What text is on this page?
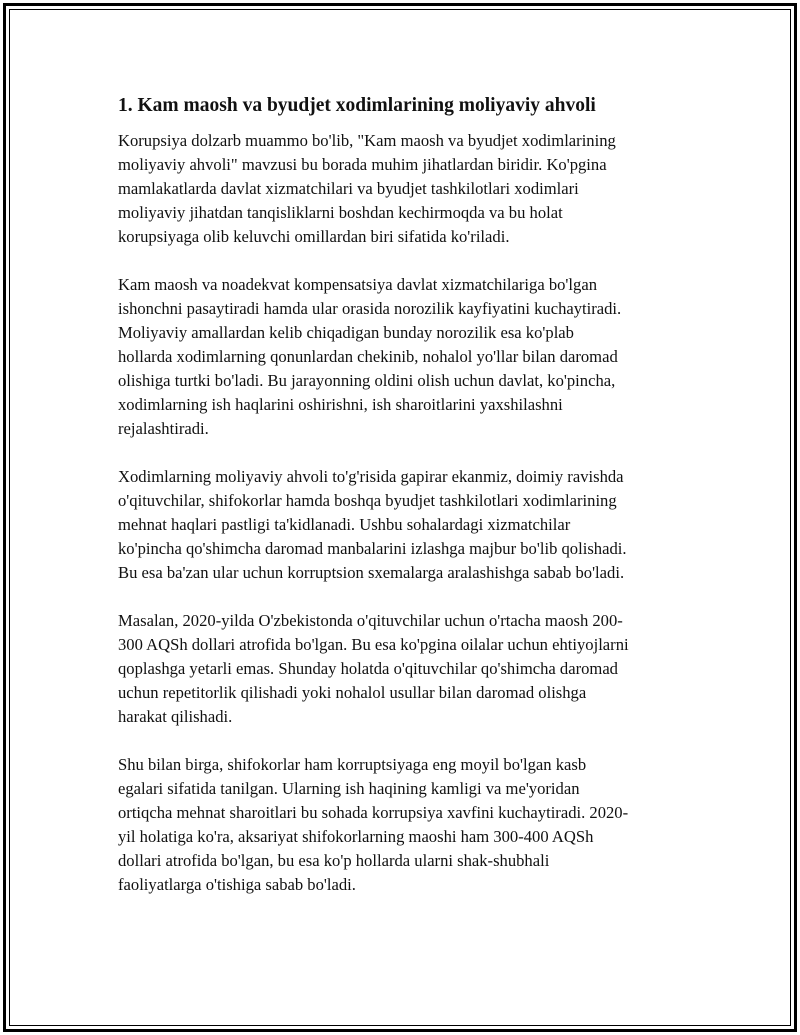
1. Kam maosh va byudjet xodimlarining moliyaviy ahvoli
Korupsiya dolzarb muammo bo'lib, "Kam maosh va byudjet xodimlarining
moliyaviy ahvoli" mavzusi bu borada muhim jihatlardan biridir. Ko'pgina
mamlakatlarda davlat xizmatchilari va byudjet tashkilotlari xodimlari
moliyaviy jihatdan tanqisliklarni boshdan kechirmoqda va bu holat
korupsiyaga olib keluvchi omillardan biri sifatida ko'riladi.
Kam maosh va noadekvat kompensatsiya davlat xizmatchilariga bo'lgan
ishonchni pasaytiradi hamda ular orasida norozilik kayfiyatini kuchaytiradi.
Moliyaviy amallardan kelib chiqadigan bunday norozilik esa ko'plab
hollarda xodimlarning qonunlardan chekinib, nohalol yo'llar bilan daromad
olishiga turtki bo'ladi. Bu jarayonning oldini olish uchun davlat, ko'pincha,
xodimlarning ish haqlarini oshirishni, ish sharoitlarini yaxshilashni
rejalashtiradi.
Xodimlarning moliyaviy ahvoli to'g'risida gapirar ekanmiz, doimiy ravishda
o'qituvchilar, shifokorlar hamda boshqa byudjet tashkilotlari xodimlarining
mehnat haqlari pastligi ta'kidlanadi. Ushbu sohalardagi xizmatchilar
ko'pincha qo'shimcha daromad manbalarini izlashga majbur bo'lib qolishadi.
Bu esa ba'zan ular uchun korruptsion sxemalarga aralashishga sabab bo'ladi.
Masalan, 2020-yilda O'zbekistonda o'qituvchilar uchun o'rtacha maosh 200-
300 AQSh dollari atrofida bo'lgan. Bu esa ko'pgina oilalar uchun ehtiyojlarni
qoplashga yetarli emas. Shunday holatda o'qituvchilar qo'shimcha daromad
uchun repetitorlik qilishadi yoki nohalol usullar bilan daromad olishga
harakat qilishadi.
Shu bilan birga, shifokorlar ham korruptsiyaga eng moyil bo'lgan kasb
egalari sifatida tanilgan. Ularning ish haqining kamligi va me'yoridan
ortiqcha mehnat sharoitlari bu sohada korrupsiya xavfini kuchaytiradi. 2020-
yil holatiga ko'ra, aksariyat shifokorlarning maoshi ham 300-400 AQSh
dollari atrofida bo'lgan, bu esa ko'p hollarda ularni shak-shubhali
faoliyatlarga o'tishiga sabab bo'ladi.
